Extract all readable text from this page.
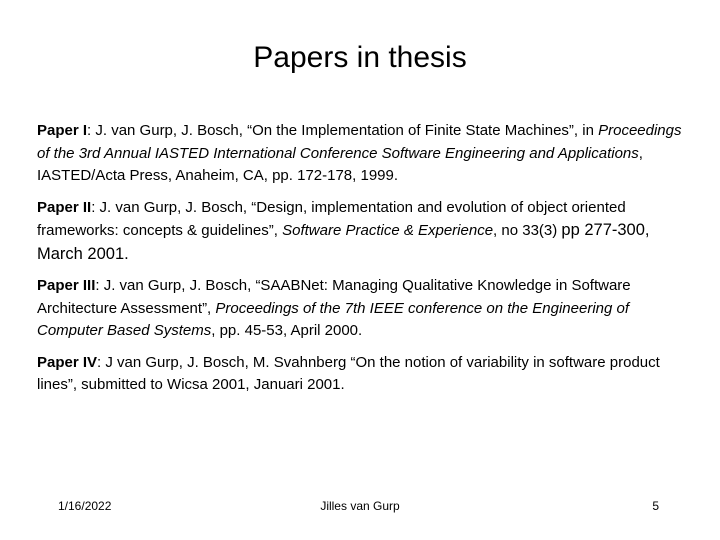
Papers in thesis

Paper I: J. van Gurp, J. Bosch, “On the Implementation of Finite State Machines”, in Proceedings of the 3rd Annual IASTED International Conference Software Engineering and Applications, IASTED/Acta Press, Anaheim, CA, pp. 172-178, 1999.

Paper II: J. van Gurp, J. Bosch, “Design, implementation and evolution of object oriented frameworks: concepts & guidelines”, Software Practice & Experience, no 33(3) pp 277-300, March 2001.

Paper III: J. van Gurp, J. Bosch, “SAABNet: Managing Qualitative Knowledge in Software Architecture Assessment”, Proceedings of the 7th IEEE conference on the Engineering of Computer Based Systems, pp. 45-53, April 2000.

Paper IV: J van Gurp, J. Bosch, M. Svahnberg “On the notion of variability in software product lines”, submitted to Wicsa 2001, Januari 2001.

1/16/2022	Jilles van Gurp	5
